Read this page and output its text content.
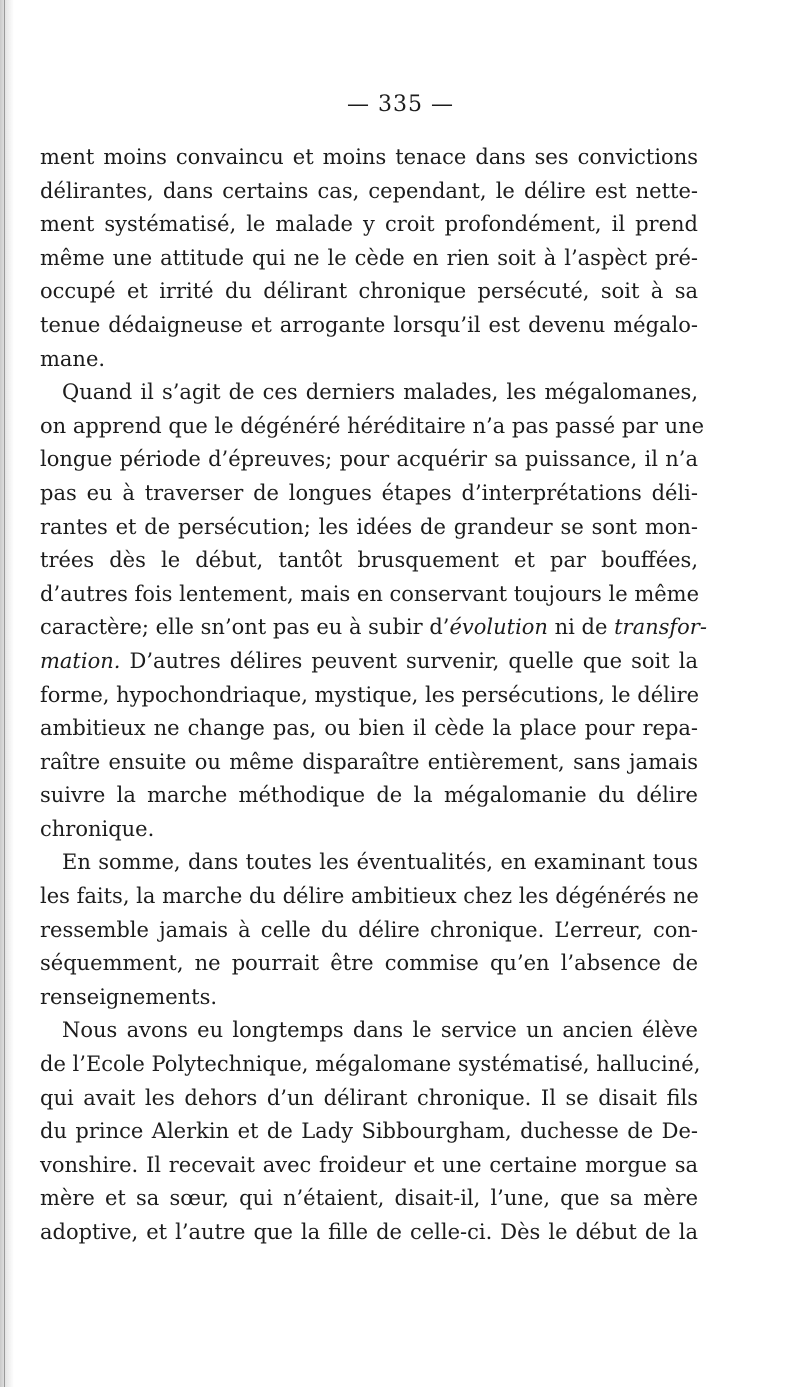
— 335 —
ment moins convaincu et moins tenace dans ses convictions
délirantes, dans certains cas, cependant, le délire est nette-
ment systématisé, le malade y croit profondément, il prend
même une attitude qui ne le cède en rien soit à l’aspèct pré-
occupé et irrité du délirant chronique persécuté, soit à sa
tenue dédaigneuse et arrogante lorsqu’il est devenu mégalo-
mane.
Quand il s’agit de ces derniers malades, les mégalomanes,
on apprend que le dégénéré héréditaire n’a pas passé par une
longue période d’épreuves; pour acquérir sa puissance, il n’a
pas eu à traverser de longues étapes d’interprétations déli-
rantes et de persécution; les idées de grandeur se sont mon-
trées dès le début, tantôt brusquement et par bouffées,
d’autres fois lentement, mais en conservant toujours le même
caractère; elle sn’ont pas eu à subir d’évolution ni de transfor-
mation. D’autres délires peuvent survenir, quelle que soit la
forme, hypochondriaque, mystique, les persécutions, le délire
ambitieux ne change pas, ou bien il cède la place pour repa-
raître ensuite ou même disparaître entièrement, sans jamais
suivre la marche méthodique de la mégalomanie du délire
chronique.
En somme, dans toutes les éventualités, en examinant tous
les faits, la marche du délire ambitieux chez les dégénérés ne
ressemble jamais à celle du délire chronique. L’erreur, con-
séquemment, ne pourrait être commise qu’en l’absence de
renseignements.
Nous avons eu longtemps dans le service un ancien élève
de l’Ecole Polytechnique, mégalomane systématisé, halluciné,
qui avait les dehors d’un délirant chronique. Il se disait fils
du prince Alerkin et de Lady Sibbourgham, duchesse de De-
vonshire. Il recevait avec froideur et une certaine morgue sa
mère et sa sœur, qui n’étaient, disait-il, l’une, que sa mère
adoptive, et l’autre que la fille de celle-ci. Dès le début de la
